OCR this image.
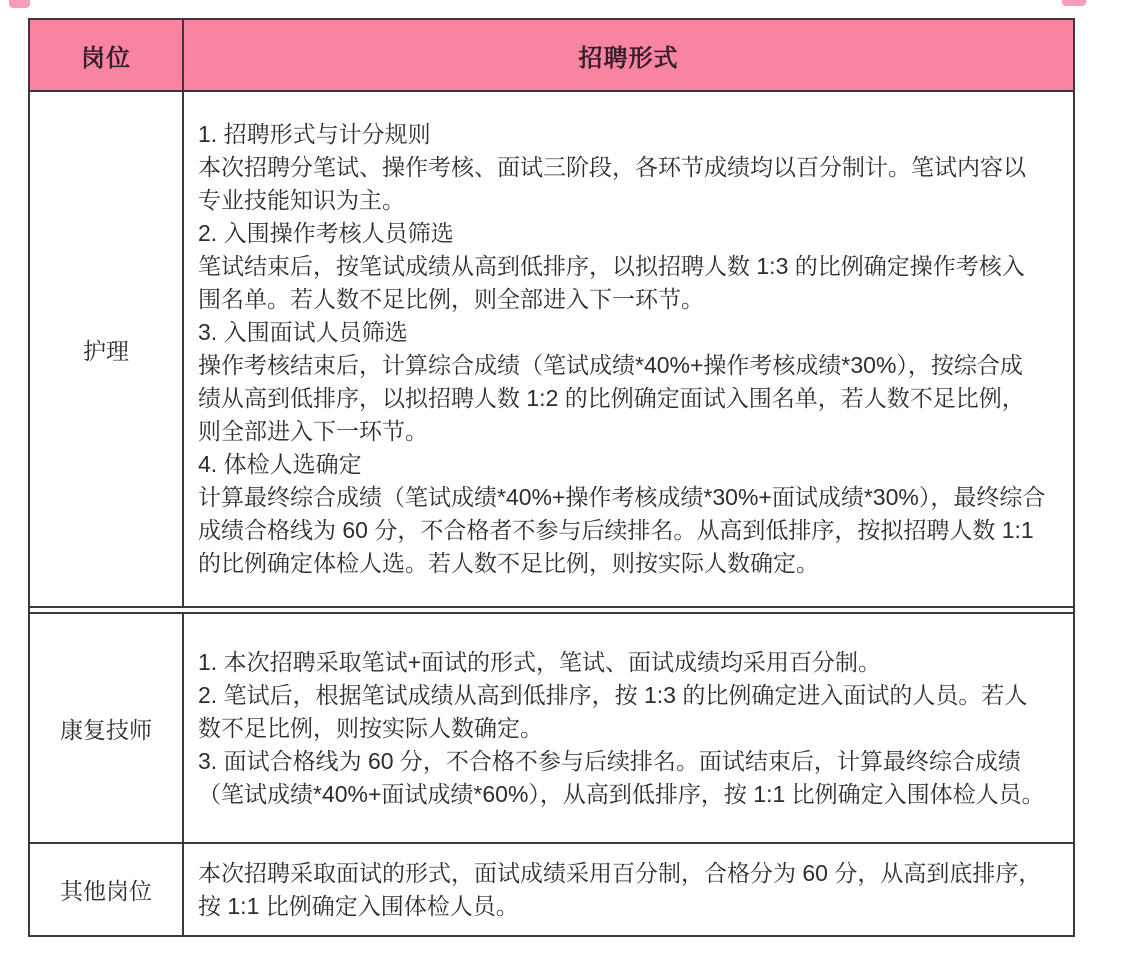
岗位	招聘形式
护理
1. 招聘形式与计分规则
本次招聘分笔试、操作考核、面试三阶段，各环节成绩均以百分制计。笔试内容以
专业技能知识为主。
2. 入围操作考核人员筛选
笔试结束后，按笔试成绩从高到低排序，以拟招聘人数 1:3 的比例确定操作考核入
围名单。若人数不足比例，则全部进入下一环节。
3. 入围面试人员筛选
操作考核结束后，计算综合成绩（笔试成绩*40%+操作考核成绩*30%），按综合成
绩从高到低排序，以拟招聘人数 1:2 的比例确定面试入围名单，若人数不足比例，
则全部进入下一环节。
4. 体检人选确定
计算最终综合成绩（笔试成绩*40%+操作考核成绩*30%+面试成绩*30%），最终综合
成绩合格线为 60 分，不合格者不参与后续排名。从高到低排序，按拟招聘人数 1:1
的比例确定体检人选。若人数不足比例，则按实际人数确定。
康复技师
1. 本次招聘采取笔试+面试的形式，笔试、面试成绩均采用百分制。
2. 笔试后，根据笔试成绩从高到低排序，按 1:3 的比例确定进入面试的人员。若人
数不足比例，则按实际人数确定。
3. 面试合格线为 60 分，不合格不参与后续排名。面试结束后，计算最终综合成绩
（笔试成绩*40%+面试成绩*60%），从高到低排序，按 1:1 比例确定入围体检人员。
其他岗位
本次招聘采取面试的形式，面试成绩采用百分制，合格分为 60 分，从高到底排序，
按 1:1 比例确定入围体检人员。
